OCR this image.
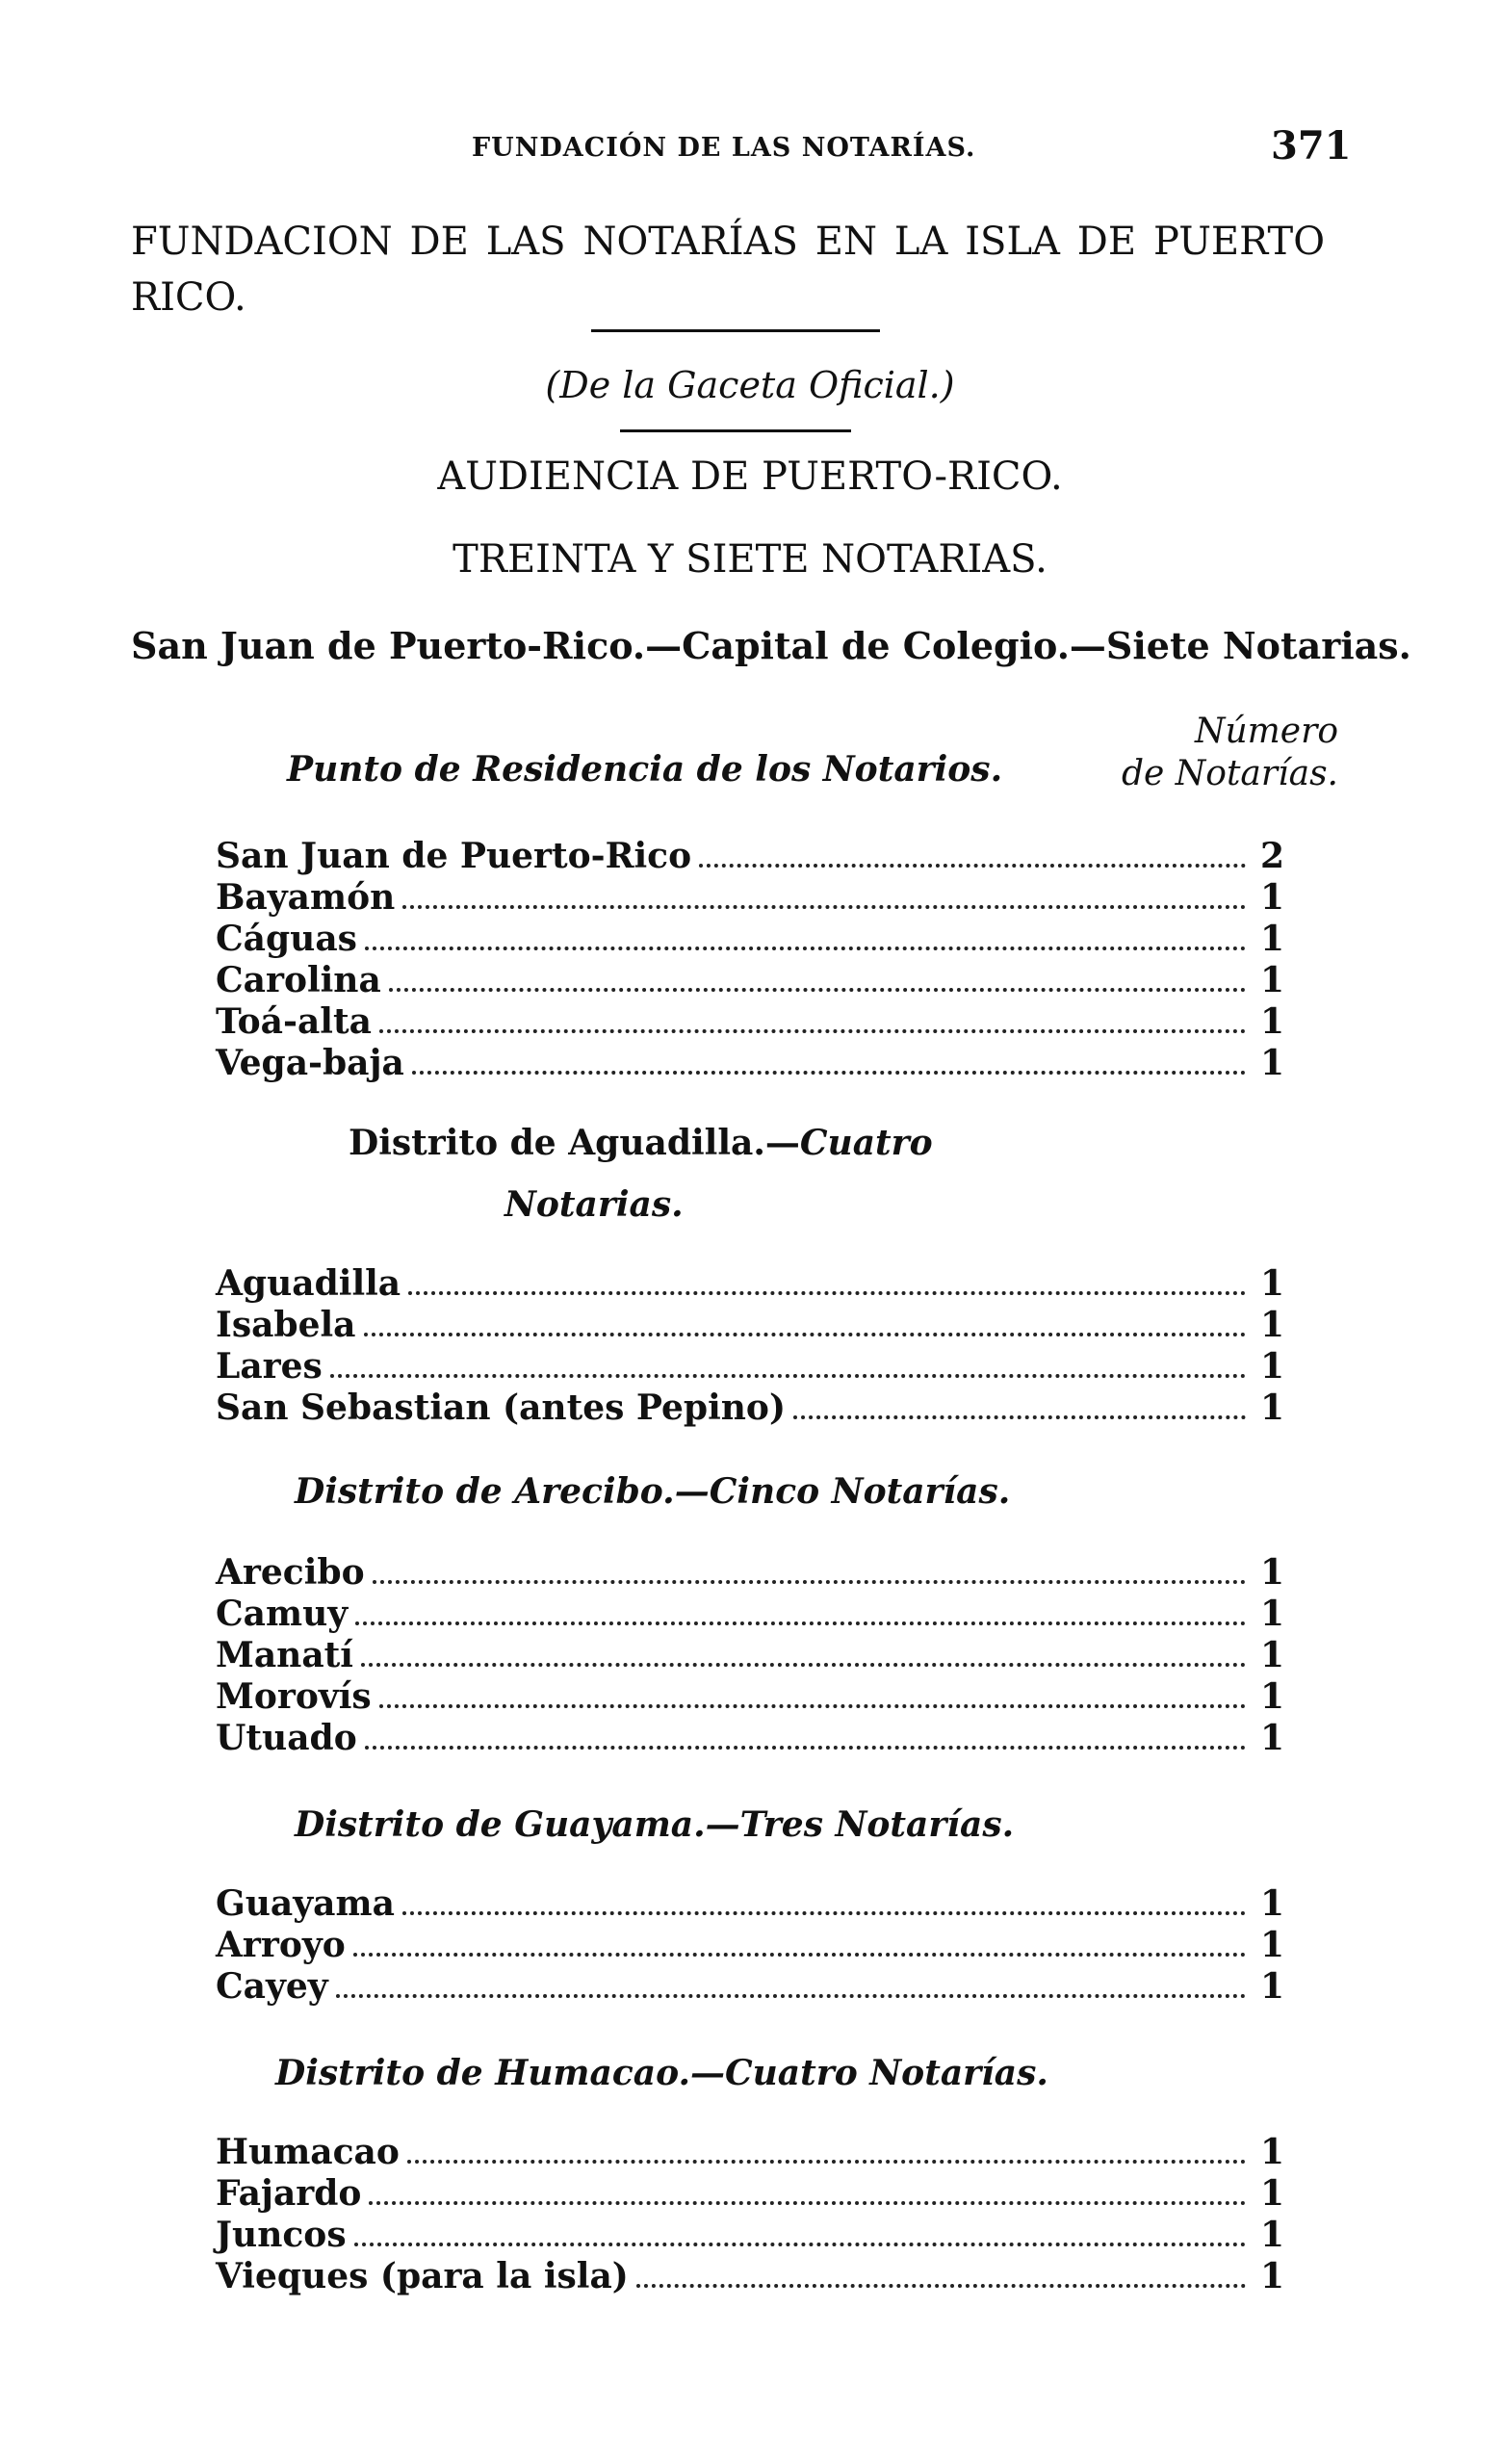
FUNDACIÓN DE LAS NOTARÍAS.	371
FUNDACION DE LAS NOTARÍAS EN LA ISLA DE PUERTO RICO.
(De la Gaceta Oficial.)
AUDIENCIA DE PUERTO-RICO.
TREINTA Y SIETE NOTARIAS.
San Juan de Puerto-Rico.—Capital de Colegio.—Siete Notarias.
Punto de Residencia de los Notarios.
Número
de Notarías.
San Juan de Puerto-Rico	2
Bayamón	1
Cáguas	1
Carolina	1
Toá-alta	1
Vega-baja	1
Distrito de Aguadilla.—Cuatro
Notarias.
Aguadilla	1
Isabela	1
Lares	1
San Sebastian (antes Pepino)	1
Distrito de Arecibo.—Cinco Notarías.
Arecibo	1
Camuy	1
Manatí	1
Morovís	1
Utuado	1
Distrito de Guayama.—Tres Notarías.
Guayama	1
Arroyo	1
Cayey	1
Distrito de Humacao.—Cuatro Notarías.
Humacao	1
Fajardo	1
Juncos	1
Vieques (para la isla)	1
